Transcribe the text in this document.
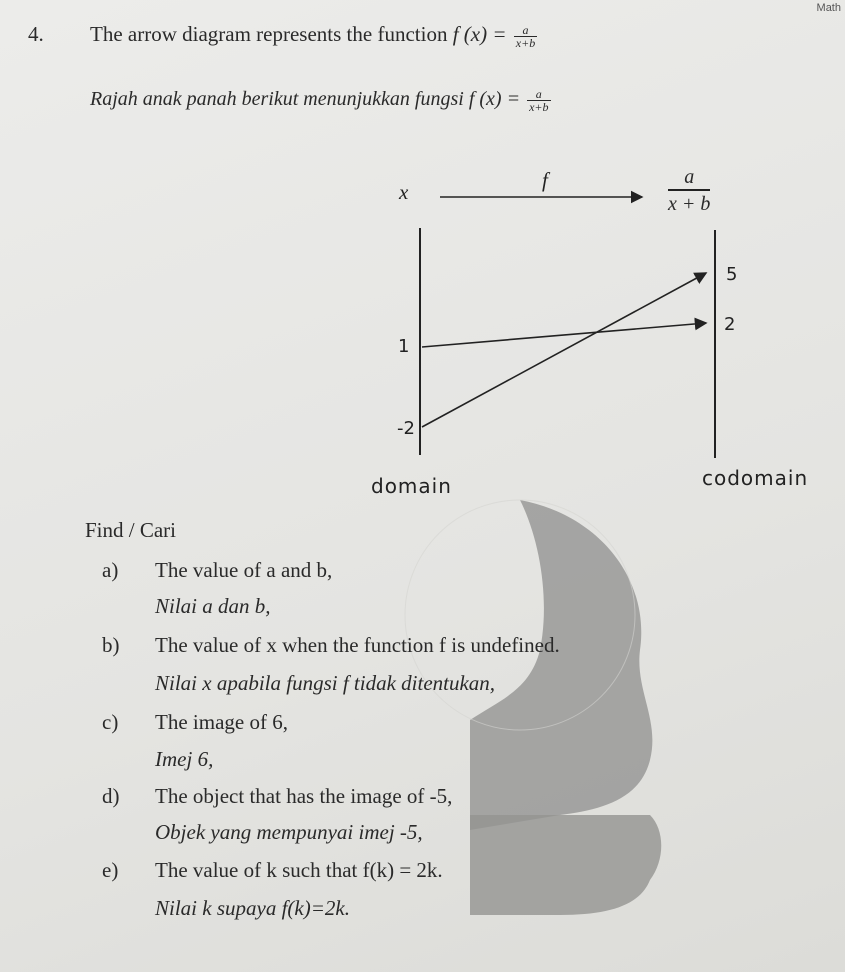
Math
4. The arrow diagram represents the function f $(x) = \frac{a}{x+b}$
Rajah anak panah berikut menunjukkan fungsi f $(x) = \frac{a}{x+b}$
x	f	$\frac{a}{x + b}$
1
-2
5
2
domain	codomain
Find / Cari
a) The value of a and b,
Nilai a dan b,
b) The value of x when the function f is undefined.
Nilai x apabila fungsi f tidak ditentukan,
c) The image of 6,
Imej 6,
d) The object that has the image of -5,
Objek yang mempunyai imej -5,
e) The value of k such that f(k) = 2k.
Nilai k supaya f(k)=2k.
